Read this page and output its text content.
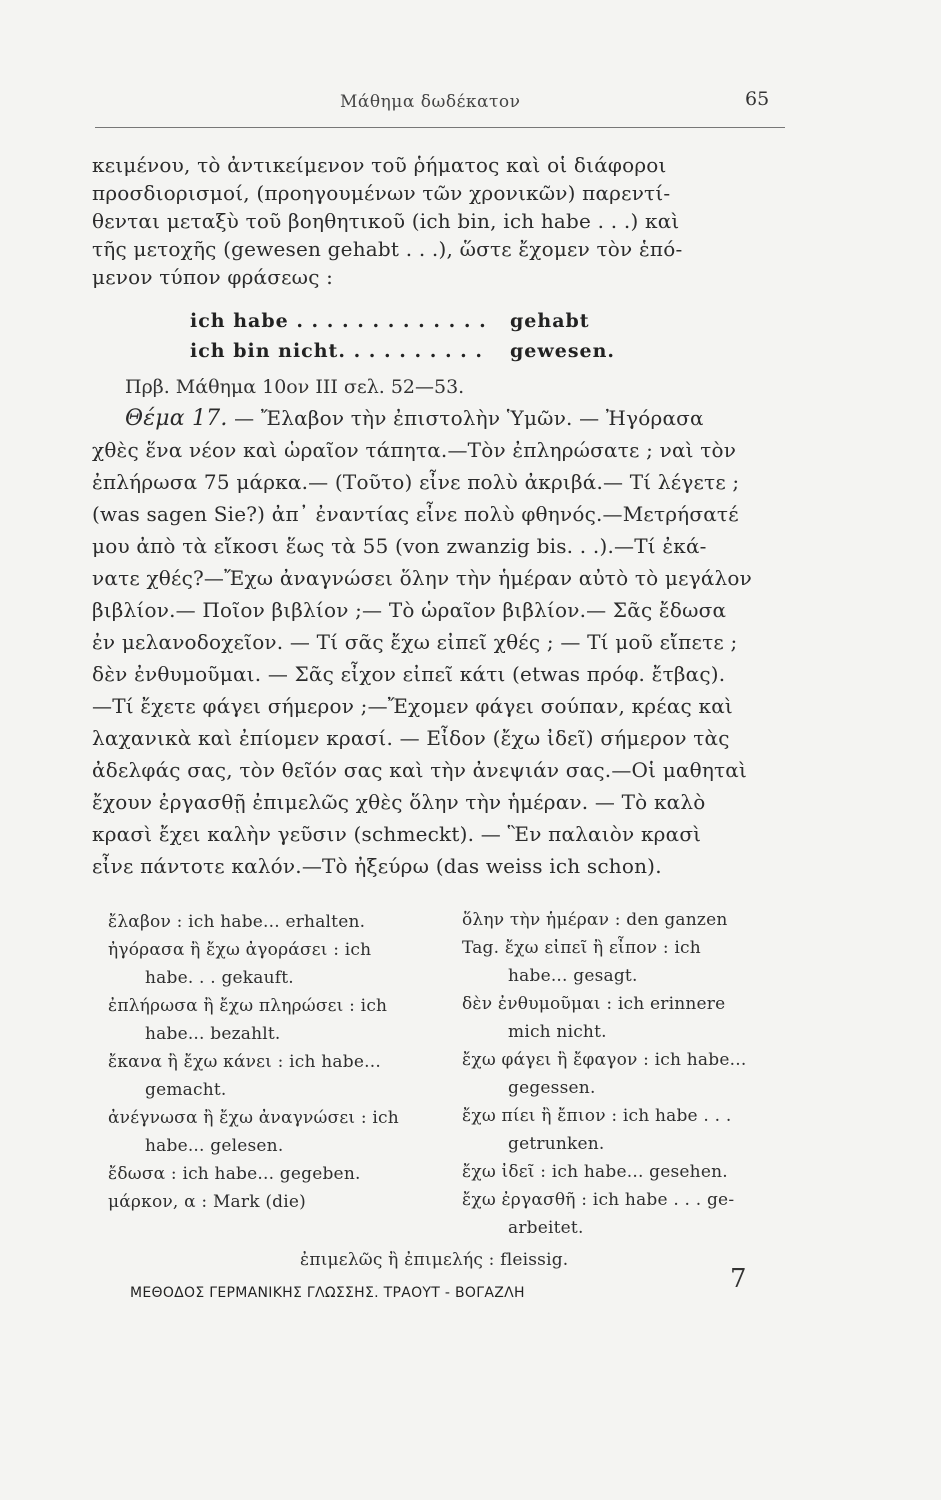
Μάθημα δωδέκατον	65
κειμένου, τὸ ἀντικείμενον τοῦ ῥήματος καὶ οἱ διάφοροι
προσδιορισμοί, (προηγουμένων τῶν χρονικῶν) παρεντί-
θενται μεταξὺ τοῦ βοηθητικοῦ (ich bin, ich habe . . .) καὶ
τῆς μετοχῆς (gewesen gehabt . . .), ὥστε ἔχομεν τὸν ἑπό-
μενον τύπον φράσεως :
ich habe . . . . . . . . . . . . . gehabt
ich bin nicht. . . . . . . . . . gewesen.
Πρβ. Μάθημα 10ον ΙΙΙ σελ. 52—53.
Θέμα 17. — Ἔλαβον τὴν ἐπιστολὴν Ὑμῶν. — Ἠγόρασα
χθὲς ἕνα νέον καὶ ὡραῖον τάπητα.—Τὸν ἐπληρώσατε ; ναὶ τὸν
ἐπλήρωσα 75 μάρκα.— (Τοῦτο) εἶνε πολὺ ἀκριβά.— Τί λέγετε ;
(was sagen Sie?) ἀπ᾿ ἐναντίας εἶνε πολὺ φθηνός.—Μετρήσατέ
μου ἀπὸ τὰ εἴκοσι ἕως τὰ 55 (von zwanzig bis. . .).—Τί ἐκά-
νατε χθές?—Ἔχω ἀναγνώσει ὅλην τὴν ἡμέραν αὐτὸ τὸ μεγάλον
βιβλίον.— Ποῖον βιβλίον ;— Τὸ ὡραῖον βιβλίον.— Σᾶς ἔδωσα
ἐν μελανοδοχεῖον. — Τί σᾶς ἔχω εἰπεῖ χθές ; — Τί μοῦ εἴπετε ;
δὲν ἐνθυμοῦμαι. — Σᾶς εἶχον εἰπεῖ κάτι (etwas πρόφ. ἔτβας).
—Τί ἔχετε φάγει σήμερον ;—Ἔχομεν φάγει σούπαν, κρέας καὶ
λαχανικὰ καὶ ἐπίομεν κρασί. — Εἶδον (ἔχω ἰδεῖ) σήμερον τὰς
ἀδελφάς σας, τὸν θεῖόν σας καὶ τὴν ἀνεψιάν σας.—Οἱ μαθηταὶ
ἔχουν ἐργασθῇ ἐπιμελῶς χθὲς ὅλην τὴν ἡμέραν. — Τὸ καλὸ
κρασὶ ἔχει καλὴν γεῦσιν (schmeckt). — Ἓν παλαιὸν κρασὶ
εἶνε πάντοτε καλόν.—Τὸ ἠξεύρω (das weiss ich schon).
ἔλαβον : ich habe... erhalten.
ἠγόρασα ἢ ἔχω ἀγοράσει : ich
habe. . . gekauft.
ἐπλήρωσα ἢ ἔχω πληρώσει : ich
habe... bezahlt.
ἔκανα ἢ ἔχω κάνει : ich habe...
gemacht.
ἀνέγνωσα ἢ ἔχω ἀναγνώσει : ich
habe... gelesen.
ἔδωσα : ich habe... gegeben.
μάρκον, α : Mark (die)
ὅλην τὴν ἡμέραν : den ganzen
Tag. ἔχω εἰπεῖ ἢ εἶπον : ich
habe... gesagt.
δὲν ἐνθυμοῦμαι : ich erinnere
mich nicht.
ἔχω φάγει ἢ ἔφαγον : ich habe...
gegessen.
ἔχω πίει ἢ ἔπιον : ich habe . . .
getrunken.
ἔχω ἰδεῖ : ich habe... gesehen.
ἔχω ἐργασθῆ : ich habe . . . ge-
arbeitet.
ἐπιμελῶς ἢ ἐπιμελής : fleissig.
ΜΕΘΟΔΟΣ ΓΕΡΜΑΝΙΚΗΣ ΓΛΩΣΣΗΣ. ΤΡΑΟΥΤ - ΒΟΓΑΖΛΗ	7
